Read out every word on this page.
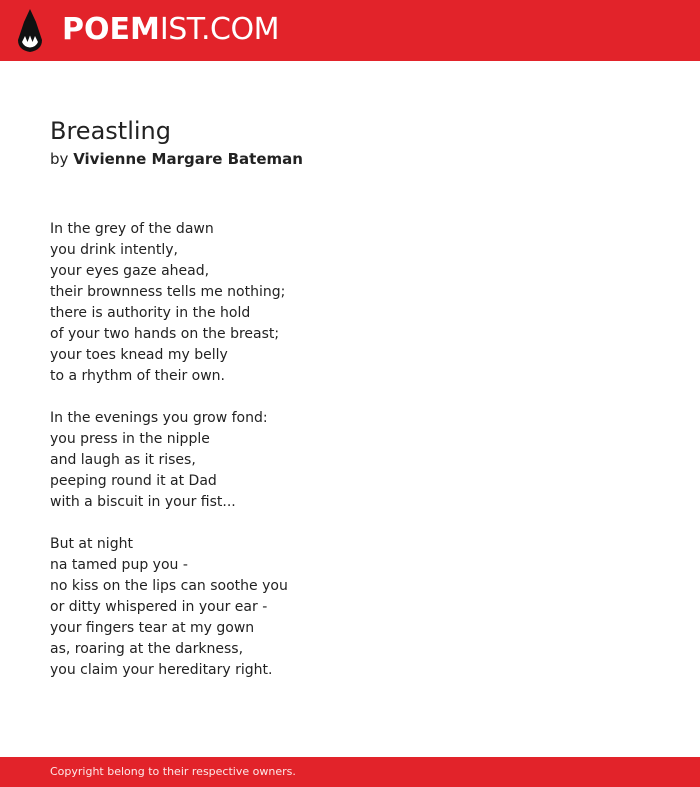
POEMIST.COM
Breastling

by Vivienne Margare Bateman

In the grey of the dawn
you drink intently,
your eyes gaze ahead,
their brownness tells me nothing;
there is authority in the hold
of your two hands on the breast;
your toes knead my belly
to a rhythm of their own.

In the evenings you grow fond:
you press in the nipple
and laugh as it rises,
peeping round it at Dad
with a biscuit in your fist...

But at night
na tamed pup you -
no kiss on the lips can soothe you
or ditty whispered in your ear -
your fingers tear at my gown
as, roaring at the darkness,
you claim your hereditary right.

Copyright belong to their respective owners.
